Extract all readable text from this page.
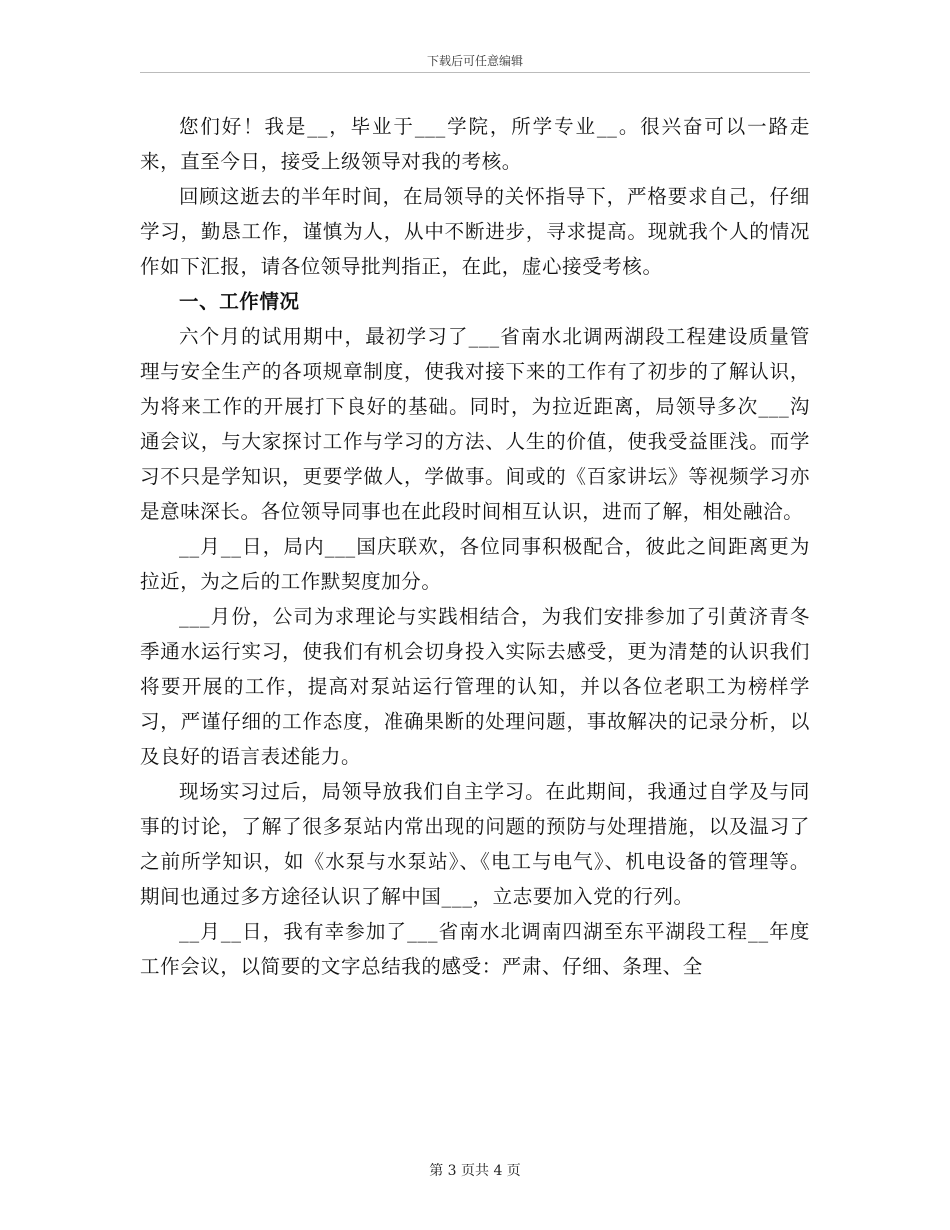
下载后可任意编辑

您们好！我是__，毕业于___学院，所学专业__。很兴奋可以一路走来，直至今日，接受上级领导对我的考核。

回顾这逝去的半年时间，在局领导的关怀指导下，严格要求自己，仔细学习，勤恳工作，谨慎为人，从中不断进步，寻求提高。现就我个人的情况作如下汇报，请各位领导批判指正，在此，虚心接受考核。

一、工作情况

六个月的试用期中，最初学习了___省南水北调两湖段工程建设质量管理与安全生产的各项规章制度，使我对接下来的工作有了初步的了解认识，为将来工作的开展打下良好的基础。同时，为拉近距离，局领导多次___沟通会议，与大家探讨工作与学习的方法、人生的价值，使我受益匪浅。而学习不只是学知识，更要学做人，学做事。间或的《百家讲坛》等视频学习亦是意味深长。各位领导同事也在此段时间相互认识，进而了解，相处融洽。

__月__日，局内___国庆联欢，各位同事积极配合，彼此之间距离更为拉近，为之后的工作默契度加分。

___月份，公司为求理论与实践相结合，为我们安排参加了引黄济青冬季通水运行实习，使我们有机会切身投入实际去感受，更为清楚的认识我们将要开展的工作，提高对泵站运行管理的认知，并以各位老职工为榜样学习，严谨仔细的工作态度，准确果断的处理问题，事故解决的记录分析，以及良好的语言表述能力。

现场实习过后，局领导放我们自主学习。在此期间，我通过自学及与同事的讨论，了解了很多泵站内常出现的问题的预防与处理措施，以及温习了之前所学知识，如《水泵与水泵站》、《电工与电气》、机电设备的管理等。期间也通过多方途径认识了解中国___，立志要加入党的行列。

__月__日，我有幸参加了___省南水北调南四湖至东平湖段工程__年度工作会议，以简要的文字总结我的感受：严肃、仔细、条理、全

第 3 页共 4 页
